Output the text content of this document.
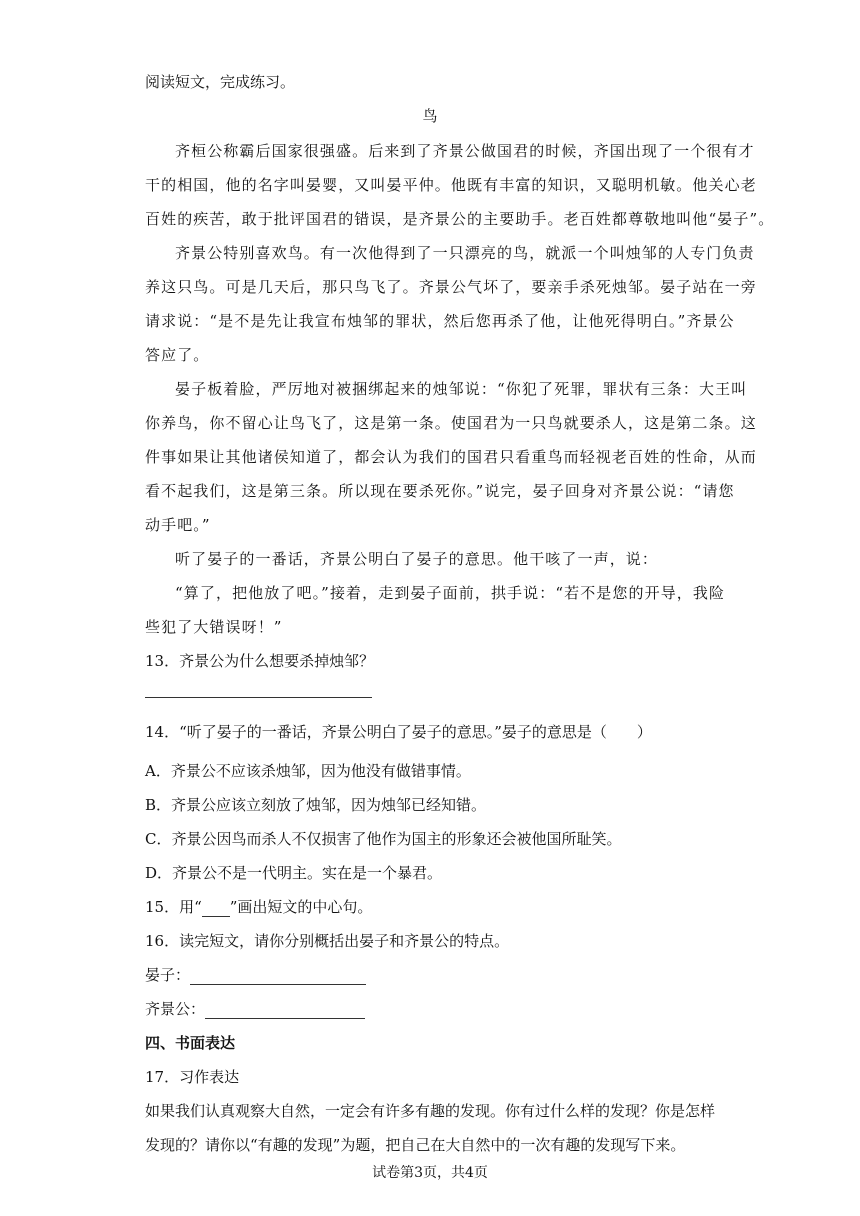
阅读短文，完成练习。
鸟
齐桓公称霸后国家很强盛。后来到了齐景公做国君的时候，齐国出现了一个很有才
干的相国，他的名字叫晏婴，又叫晏平仲。他既有丰富的知识，又聪明机敏。他关心老
百姓的疾苦，敢于批评国君的错误，是齐景公的主要助手。老百姓都尊敬地叫他“晏子”。
齐景公特别喜欢鸟。有一次他得到了一只漂亮的鸟，就派一个叫烛邹的人专门负责
养这只鸟。可是几天后，那只鸟飞了。齐景公气坏了，要亲手杀死烛邹。晏子站在一旁
请求说：“是不是先让我宣布烛邹的罪状，然后您再杀了他，让他死得明白。”齐景公
答应了。
晏子板着脸，严厉地对被捆绑起来的烛邹说：“你犯了死罪，罪状有三条：大王叫
你养鸟，你不留心让鸟飞了，这是第一条。使国君为一只鸟就要杀人，这是第二条。这
件事如果让其他诸侯知道了，都会认为我们的国君只看重鸟而轻视老百姓的性命，从而
看不起我们，这是第三条。所以现在要杀死你。”说完，晏子回身对齐景公说：“请您
动手吧。”
听了晏子的一番话，齐景公明白了晏子的意思。他干咳了一声，说：
“算了，把他放了吧。”接着，走到晏子面前，拱手说：“若不是您的开导，我险
些犯了大错误呀！”
13．齐景公为什么想要杀掉烛邹？
14．“听了晏子的一番话，齐景公明白了晏子的意思。”晏子的意思是（　　）
A．齐景公不应该杀烛邹，因为他没有做错事情。
B．齐景公应该立刻放了烛邹，因为烛邹已经知错。
C．齐景公因鸟而杀人不仅损害了他作为国主的形象还会被他国所耻笑。
D．齐景公不是一代明主。实在是一个暴君。
15．用“ ”画出短文的中心句。
16．读完短文，请你分别概括出晏子和齐景公的特点。
晏子：
齐景公：
四、书面表达
17．习作表达
如果我们认真观察大自然，一定会有许多有趣的发现。你有过什么样的发现？你是怎样
发现的？请你以“有趣的发现”为题，把自己在大自然中的一次有趣的发现写下来。
试卷第3页，共4页
